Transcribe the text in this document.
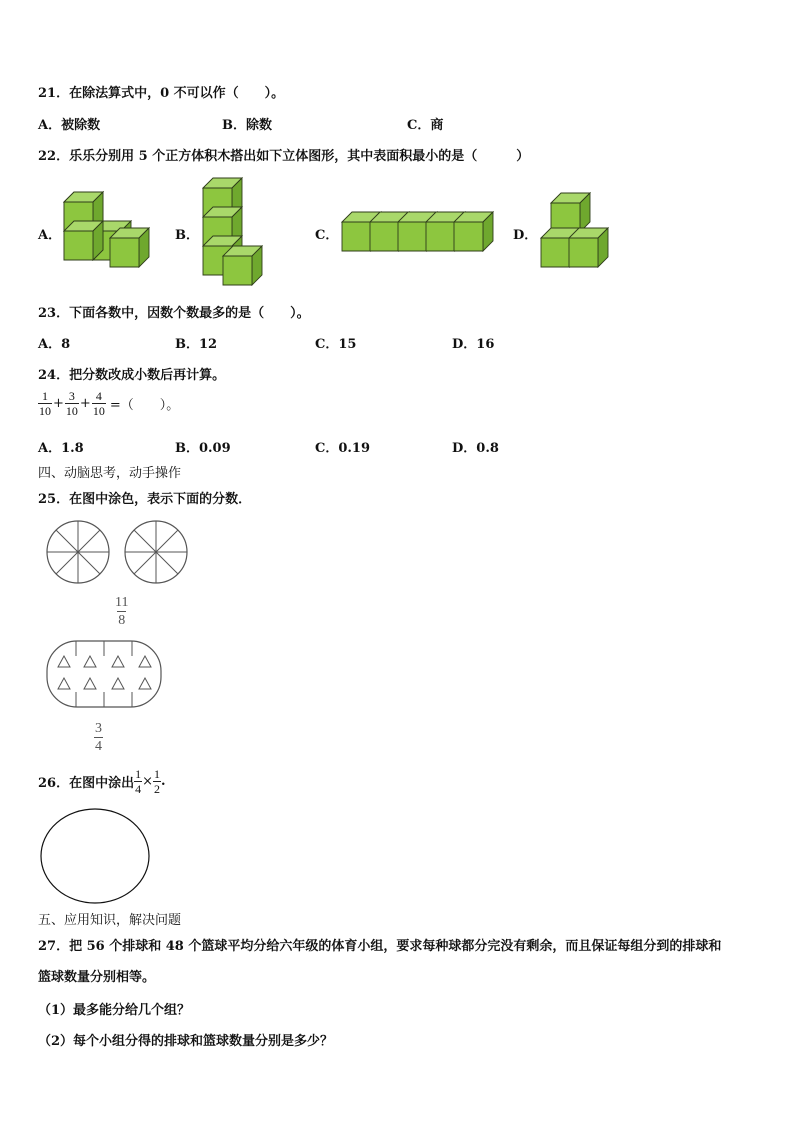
21．在除法算式中，0 不可以作（　　）。
A．被除数	B．除数	C．商
22．乐乐分别用 5 个正方体积木搭出如下立体图形，其中表面积最小的是（　　　）
A．	B．	C．	D．
23．下面各数中，因数个数最多的是（　　）。
A．8	B．12	C．15	D．16
24．把分数改成小数后再计算。
$\frac{1}{10} + \frac{3}{10} + \frac{4}{10}$ =（　　）。
A．1.8	B．0.09	C．0.19	D．0.8
四、动脑思考，动手操作
25．在图中涂色，表示下面的分数．
$\frac{11}{8}$
$\frac{3}{4}$
26．在图中涂出 $\frac{1}{4} \times \frac{1}{2}$ .
五、应用知识，解决问题
27．把 56 个排球和 48 个篮球平均分给六年级的体育小组，要求每种球都分完没有剩余，而且保证每组分到的排球和
篮球数量分别相等。
（1）最多能分给几个组？
（2）每个小组分得的排球和篮球数量分别是多少？
